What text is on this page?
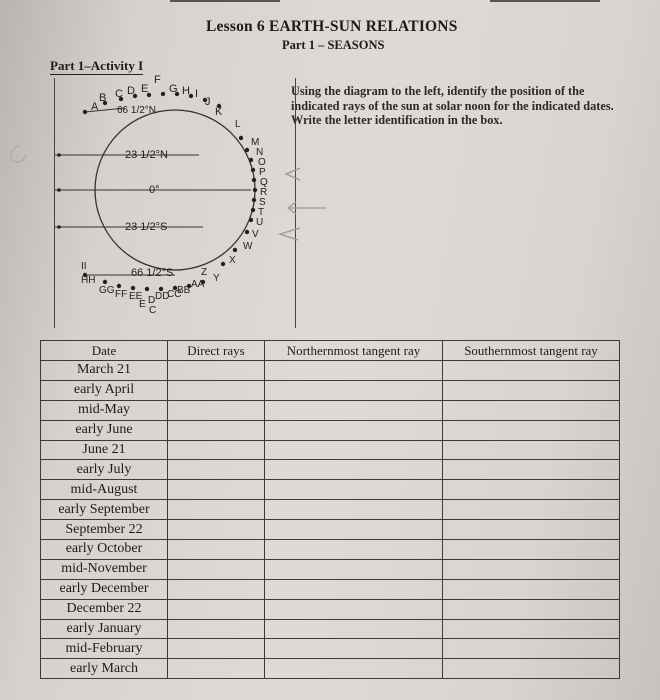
Lesson 6 EARTH-SUN RELATIONS
Part 1 – SEASONS
Part 1–Activity I
Using the diagram to the left, identify the position of the indicated rays of the sun at solar noon for the indicated dates. Write the letter identification in the box.
66 1/2°N
23 1/2°N
0°
23 1/2°S
66 1/2°S
A
B C D E
F
G H I
J
K
L
M
N
O
P
Q
R
S
T
U
V
W
X
Y
Z
II
HH
GG FF EE DD
CC
BB
AA
E D
C
Date	Direct rays	Northernmost tangent ray	Southernmost tangent ray
March 21			
early April			
mid-May			
early June			
June 21			
early July			
mid-August			
early September			
September 22			
early October			
mid-November			
early December			
December 22			
early January			
mid-February			
early March			
